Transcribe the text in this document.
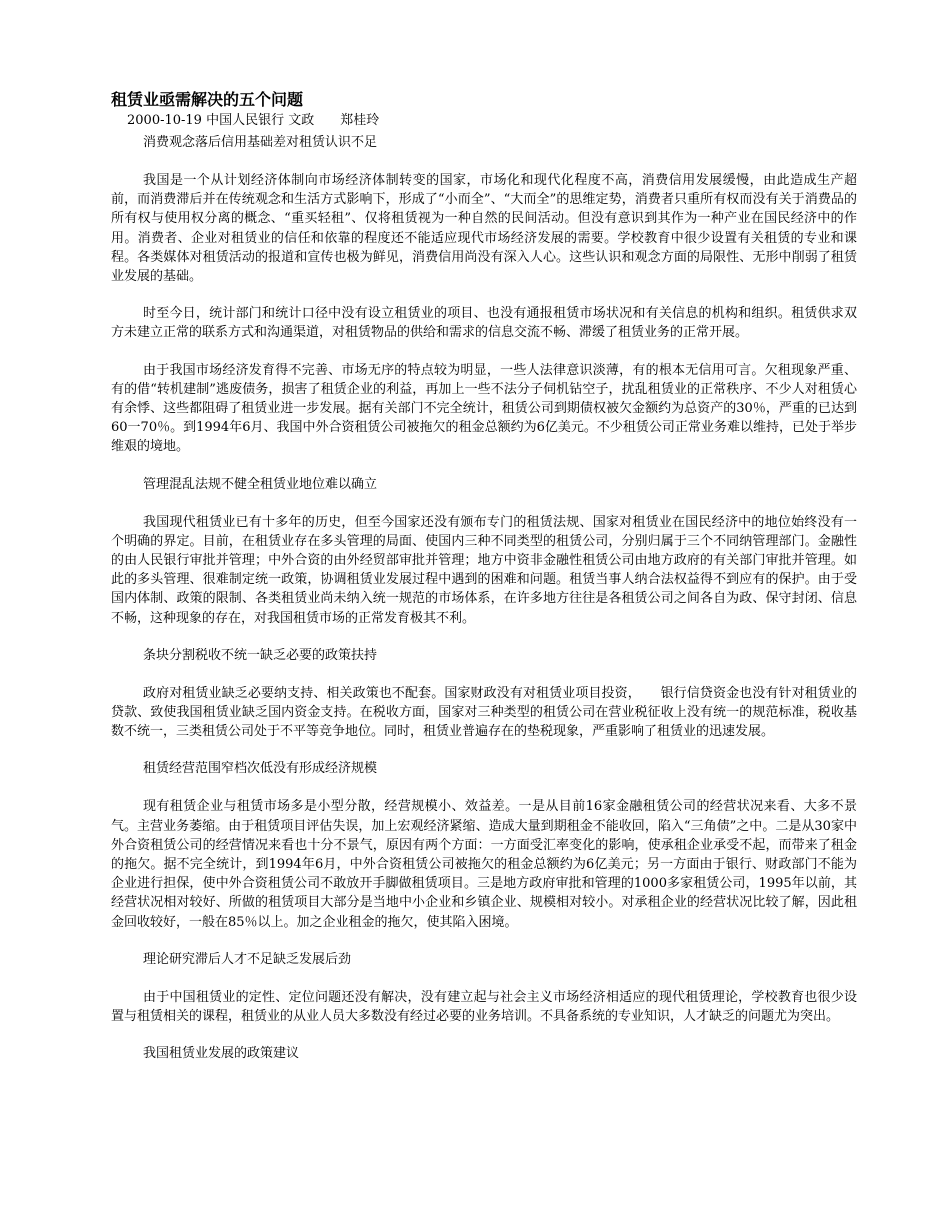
租赁业亟需解决的五个问题
2000-10-19 中国人民银行 文政　　郑桂玲
消费观念落后信用基础差对租赁认识不足

我国是一个从计划经济体制向市场经济体制转变的国家，市场化和现代化程度不高，消费信用发展缓慢，由此造成生产超前，而消费滞后并在传统观念和生活方式影响下，形成了“小而全”、“大而全”的思维定势，消费者只重所有权而没有关于消费品的所有权与使用权分离的概念、“重买轻租”、仅将租赁视为一种自然的民间活动。但没有意识到其作为一种产业在国民经济中的作用。消费者、企业对租赁业的信任和依靠的程度还不能适应现代市场经济发展的需要。学校教育中很少设置有关租赁的专业和课程。各类媒体对租赁活动的报道和宣传也极为鲜见，消费信用尚没有深入人心。这些认识和观念方面的局限性、无形中削弱了租赁业发展的基础。

时至今日，统计部门和统计口径中没有设立租赁业的项目、也没有通报租赁市场状况和有关信息的机构和组织。租赁供求双方未建立正常的联系方式和沟通渠道，对租赁物品的供给和需求的信息交流不畅、滞缓了租赁业务的正常开展。

由于我国市场经济发育得不完善、市场无序的特点较为明显，一些人法律意识淡薄，有的根本无信用可言。欠租现象严重、有的借“转机建制”逃废债务，损害了租赁企业的利益，再加上一些不法分子伺机钻空子，扰乱租赁业的正常秩序、不少人对租赁心有余悸、这些都阻碍了租赁业进一步发展。据有关部门不完全统计，租赁公司到期债权被欠金额约为总资产的30％，严重的已达到60一70％。到1994年6月、我国中外合资租赁公司被拖欠的租金总额约为6亿美元。不少租赁公司正常业务难以维持，已处于举步维艰的境地。

管理混乱法规不健全租赁业地位难以确立

我国现代租赁业已有十多年的历史，但至今国家还没有颁布专门的租赁法规、国家对租赁业在国民经济中的地位始终没有一个明确的界定。目前，在租赁业存在多头管理的局面、使国内三种不同类型的租赁公司，分别归属于三个不同纳管理部门。金融性的由人民银行审批并管理；中外合资的由外经贸部审批并管理；地方中资非金融性租赁公司由地方政府的有关部门审批并管理。如此的多头管理、很难制定统一政策，协调租赁业发展过程中遇到的困难和问题。租赁当事人纳合法权益得不到应有的保护。由于受国内体制、政策的限制、各类租赁业尚未纳入统一规范的市场体系，在许多地方往往是各租赁公司之间各自为政、保守封闭、信息不畅，这种现象的存在，对我国租赁市场的正常发育极其不利。

条块分割税收不统一缺乏必要的政策扶持

政府对租赁业缺乏必要纳支持、相关政策也不配套。国家财政没有对租赁业项目投资，　　银行信贷资金也没有针对租赁业的贷款、致使我国租赁业缺乏国内资金支持。在税收方面，国家对三种类型的租赁公司在营业税征收上没有统一的规范标准，税收基数不统一，三类租赁公司处于不平等竞争地位。同时，租赁业普遍存在的垫税现象，严重影响了租赁业的迅速发展。

租赁经营范围窄档次低没有形成经济规模

现有租赁企业与租赁市场多是小型分散，经营规模小、效益差。一是从目前16家金融租赁公司的经营状况来看、大多不景气。主营业务萎缩。由于租赁项目评估失误，加上宏观经济紧缩、造成大量到期租金不能收回，陷入“三角债”之中。二是从30家中外合资租赁公司的经营情况来看也十分不景气，原因有两个方面：一方面受汇率变化的影响，使承租企业承受不起，而带来了租金的拖欠。据不完全统计，到1994年6月，中外合资租赁公司被拖欠的租金总额约为6亿美元；另一方面由于银行、财政部门不能为企业进行担保，使中外合资租赁公司不敢放开手脚做租赁项目。三是地方政府审批和管理的1000多家租赁公司，1995年以前，其经营状况相对较好、所做的租赁项目大部分是当地中小企业和乡镇企业、规模相对较小。对承租企业的经营状况比较了解，因此租金回收较好，一般在85％以上。加之企业租金的拖欠，使其陷入困境。

理论研究滞后人才不足缺乏发展后劲

由于中国租赁业的定性、定位问题还没有解决，没有建立起与社会主义市场经济相适应的现代租赁理论，学校教育也很少设置与租赁相关的课程，租赁业的从业人员大多数没有经过必要的业务培训。不具备系统的专业知识，人才缺乏的问题尤为突出。

我国租赁业发展的政策建议
